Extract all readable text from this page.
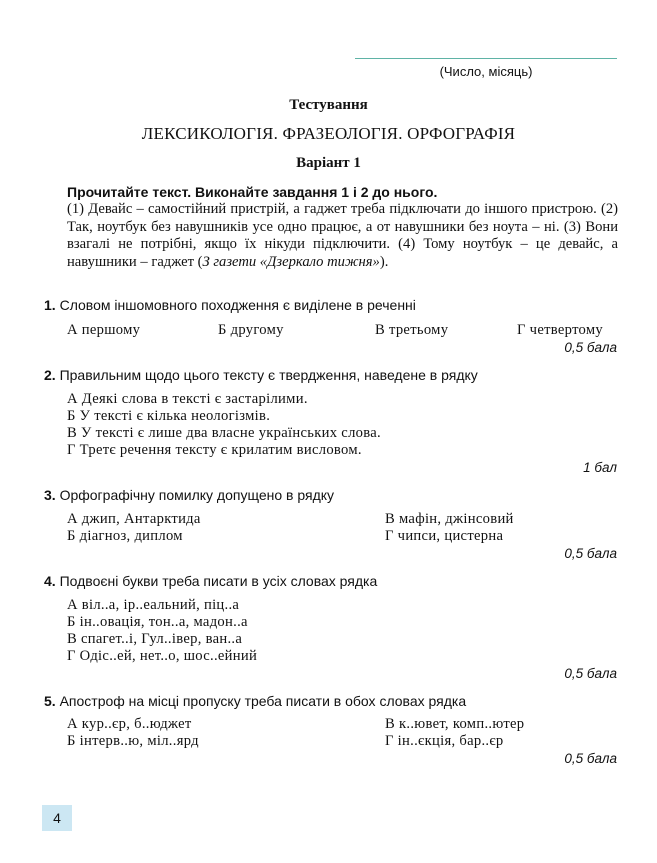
(Число, місяць)
Тестування
ЛЕКСИКОЛОГІЯ. ФРАЗЕОЛОГІЯ. ОРФОГРАФІЯ
Варіант 1
Прочитайте текст. Виконайте завдання 1 і 2 до нього.

(1) Девайс – самостійний пристрій, а гаджет треба підключати до іншого пристрою. (2) Так, ноутбук без навушників усе одно працює, а от навушники без ноута – ні. (3) Вони взагалі не потрібні, якщо їх нікуди підключити. (4) Тому ноутбук – це девайс, а навушники – гаджет (З газети «Дзеркало тижня»).

1. Словом іншомовного походження є виділене в реченні
А першому	Б другому	В третьому	Г четвертому
0,5 бала
2. Правильним щодо цього тексту є твердження, наведене в рядку
А Деякі слова в тексті є застарілими.
Б У тексті є кілька неологізмів.
В У тексті є лише два власне українських слова.
Г Третє речення тексту є крилатим висловом.
1 бал
3. Орфографічну помилку допущено в рядку
А джип, Антарктида
Б діагноз, диплом
В мафін, джінсовий
Г чипси, цистерна
0,5 бала
4. Подвоєні букви треба писати в усіх словах рядка
А віл..а, ір..еальний, піц..а
Б ін..овація, тон..а, мадон..а
В спагет..і, Гул..івер, ван..а
Г Одіс..ей, нет..о, шос..ейний
0,5 бала
5. Апостроф на місці пропуску треба писати в обох словах рядка
А кур..єр, б..юджет
Б інтерв..ю, міл..ярд
В к..ювет, комп..ютер
Г ін..єкція, бар..єр
0,5 бала
4
